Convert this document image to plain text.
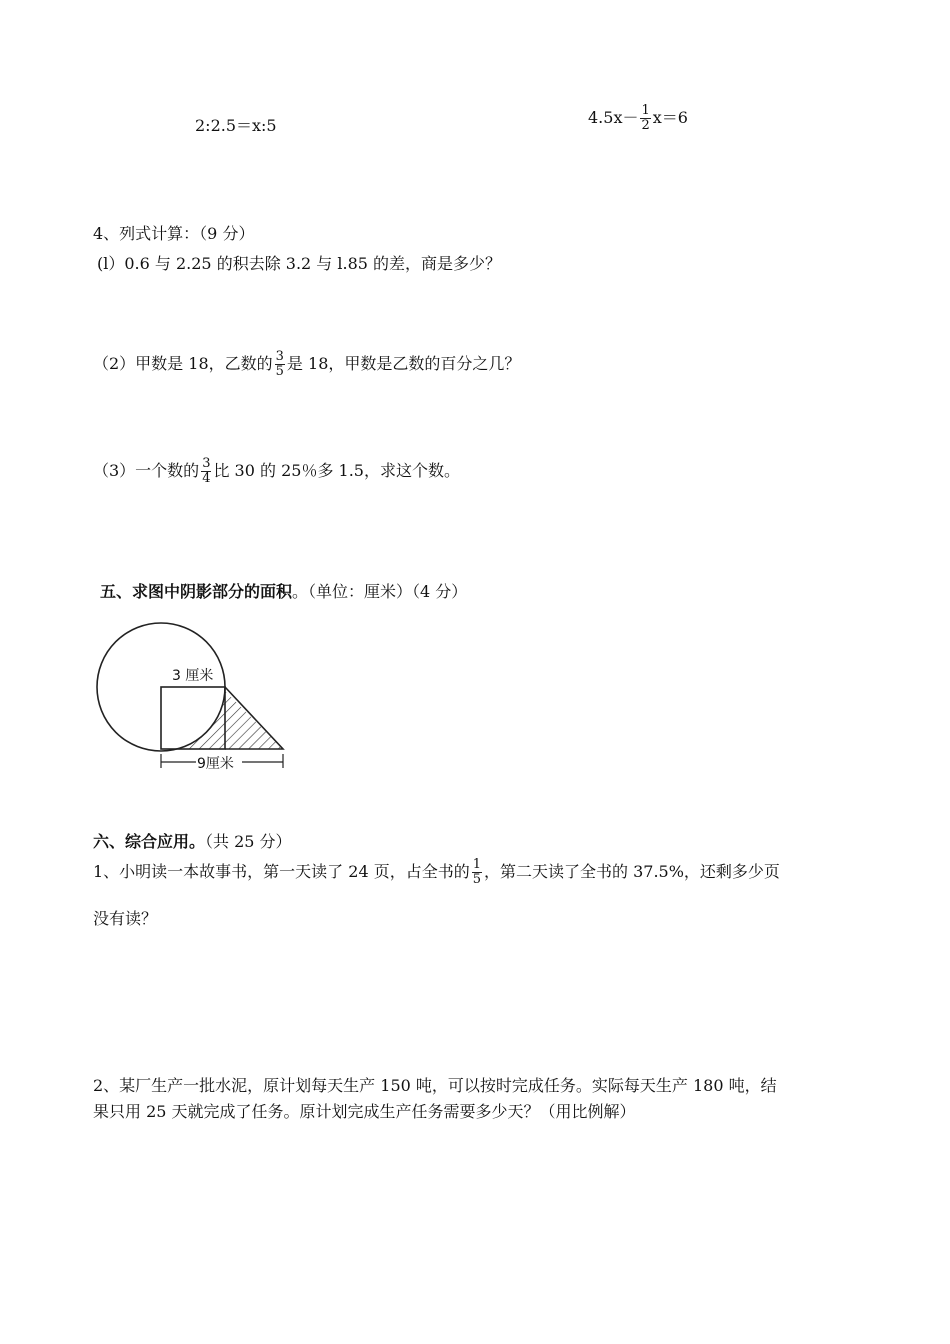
2:2.5＝x:5	$4.5x- \frac{1}{2} x=6$
4、列式计算：（9 分）
(l）0.6 与 2.25 的积去除 3.2 与 l.85 的差，商是多少？
（2）甲数是 18，乙数的 $\frac{3}{5}$ 是 18，甲数是乙数的百分之几？
（3）一个数的 $\frac{3}{4}$ 比 30 的 25％多 1.5，求这个数。
五、求图中阴影部分的面积。（单位：厘米）（4 分）
3 厘米
9厘米
六、综合应用。（共 25 分）
1、小明读一本故事书，第一天读了 24 页，占全书的 $\frac{1}{5}$ ，第二天读了全书的 37.5%，还剩多少页
没有读？
2、某厂生产一批水泥，原计划每天生产 150 吨，可以按时完成任务。实际每天生产 180 吨，结
果只用 25 天就完成了任务。原计划完成生产任务需要多少天？（用比例解）
